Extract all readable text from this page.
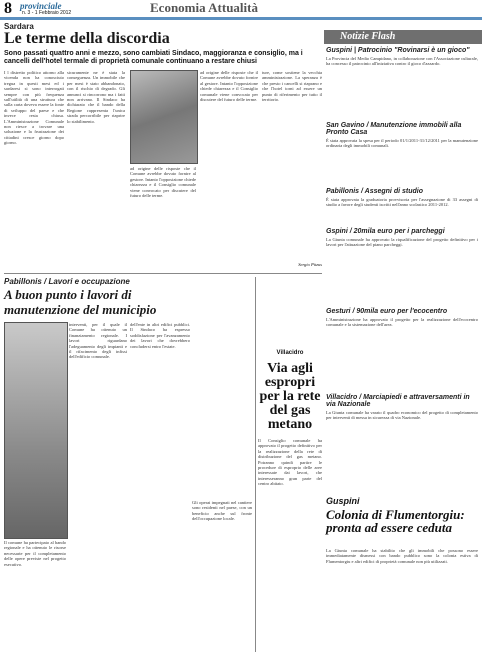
8 provinciale
n. 3 - 1 Febbraio 2012	Economia Attualità
Sardara
Le terme della discordia
Sono passati quattro anni e mezzo, sono cambiati Sindaco, maggioranza e consiglio, ma i cancelli dell'hotel termale di proprietà comunale continuano a restare chiusi
I l distretto politico attorno alla vicenda non ha conosciuto tregua in questi mesi ed i sardaresi si sono interrogati sempre con più frequenza sull'utilità di una struttura che sulla carta doveva essere la fonte di sviluppo del paese e che invece resta chiusa. L'Amministrazione Comunale non riesce a trovare una soluzione e la frustrazione dei cittadini cresce giorno dopo giorno.
sicuramente ne è stata la conseguenza. Un immobile che per mesi è stato abbandonato, con il rischio di degrado. Gli annunci si rincorrono ma i fatti non arrivano. Il Sindaco ha dichiarato che il bando della Regione rappresenta l'unica strada percorribile per riaprire lo stabilimento.
ad origine delle risposte che il Comune avrebbe dovuto fornire al gestore. Intanto l'opposizione chiede chiarezza e il Consiglio comunale viene convocato per discutere del futuro delle terme.
ad origine delle risposte che il Comune avrebbe dovuto fornire al gestore. Intanto l'opposizione chiede chiarezza e il Consiglio comunale viene convocato per discutere del futuro delle terme.
ture, come sostiene la vecchia amministrazione. La speranza è che presto i cancelli si riaprano e che l'hotel torni ad essere un punto di riferimento per tutto il territorio.
Sergio Pitzus
Pabillonis / Lavori e occupazione
A buon punto i lavori di manutenzione del municipio
interventi, per il quale il Comune ha ottenuto un finanziamento regionale. I lavori riguardano l'adeguamento degli impianti e il rifacimento degli infissi dell'edificio comunale.
Il comune ha partecipato al bando regionale e ha ottenuto le risorse necessarie per il completamento delle opere previste nel progetto esecutivo.
dell'ente in altri edifici pubblici. Il Sindaco ha espresso soddisfazione per l'avanzamento dei lavori che dovrebbero concludersi entro l'estate.
Gli operai impegnati nel cantiere sono residenti nel paese, con un beneficio anche sul fronte dell'occupazione locale.
Villacidro
Via agli espropri per la rete del gas metano
Il Consiglio comunale ha approvato il progetto definitivo per la realizzazione della rete di distribuzione del gas metano. Potranno quindi partire le procedure di esproprio delle aree interessate dai lavori, che interesseranno gran parte del centro abitato.
Notizie Flash
Guspini | Patrocinio "Rovinarsi è un gioco"
La Provincia del Medio Campidano, in collaborazione con l'Associazione culturale, ha concesso il patrocinio all'iniziativa contro il gioco d'azzardo.
San Gavino / Manutenzione immobili alla Pronto Casa
È stata approvata la spesa per il periodo 01/1/2011-31/12/2011 per la manutenzione ordinaria degli immobili comunali.
Pabillonis / Assegni di studio
È stata approvata la graduatoria provvisoria per l'assegnazione di 33 assegni di studio a favore degli studenti iscritti nell'anno scolastico 2011-2012.
Gspini / 20mila euro per i parcheggi
La Giunta comunale ha approvato la riqualificazione del progetto definitivo per i lavori per l'attuazione del piano parcheggi.
Gesturi / 90mila euro per l'ecocentro
L'Amministrazione ha approvato il progetto per la realizzazione dell'ecocentro comunale e la sistemazione dell'area.
Villacidro / Marciapiedi e attraversamenti in via Nazionale
La Giunta comunale ha varato il quadro economico del progetto di completamento per interventi di messa in sicurezza di via Nazionale.
Guspini
Colonia di Flumentorgiu: pronta ad essere ceduta
La Giunta comunale ha stabilito che gli immobili che possono essere immediatamente dismessi con bando pubblico sono la colonia estiva di Flumentorgiu e altri edifici di proprietà comunale non più utilizzati.
